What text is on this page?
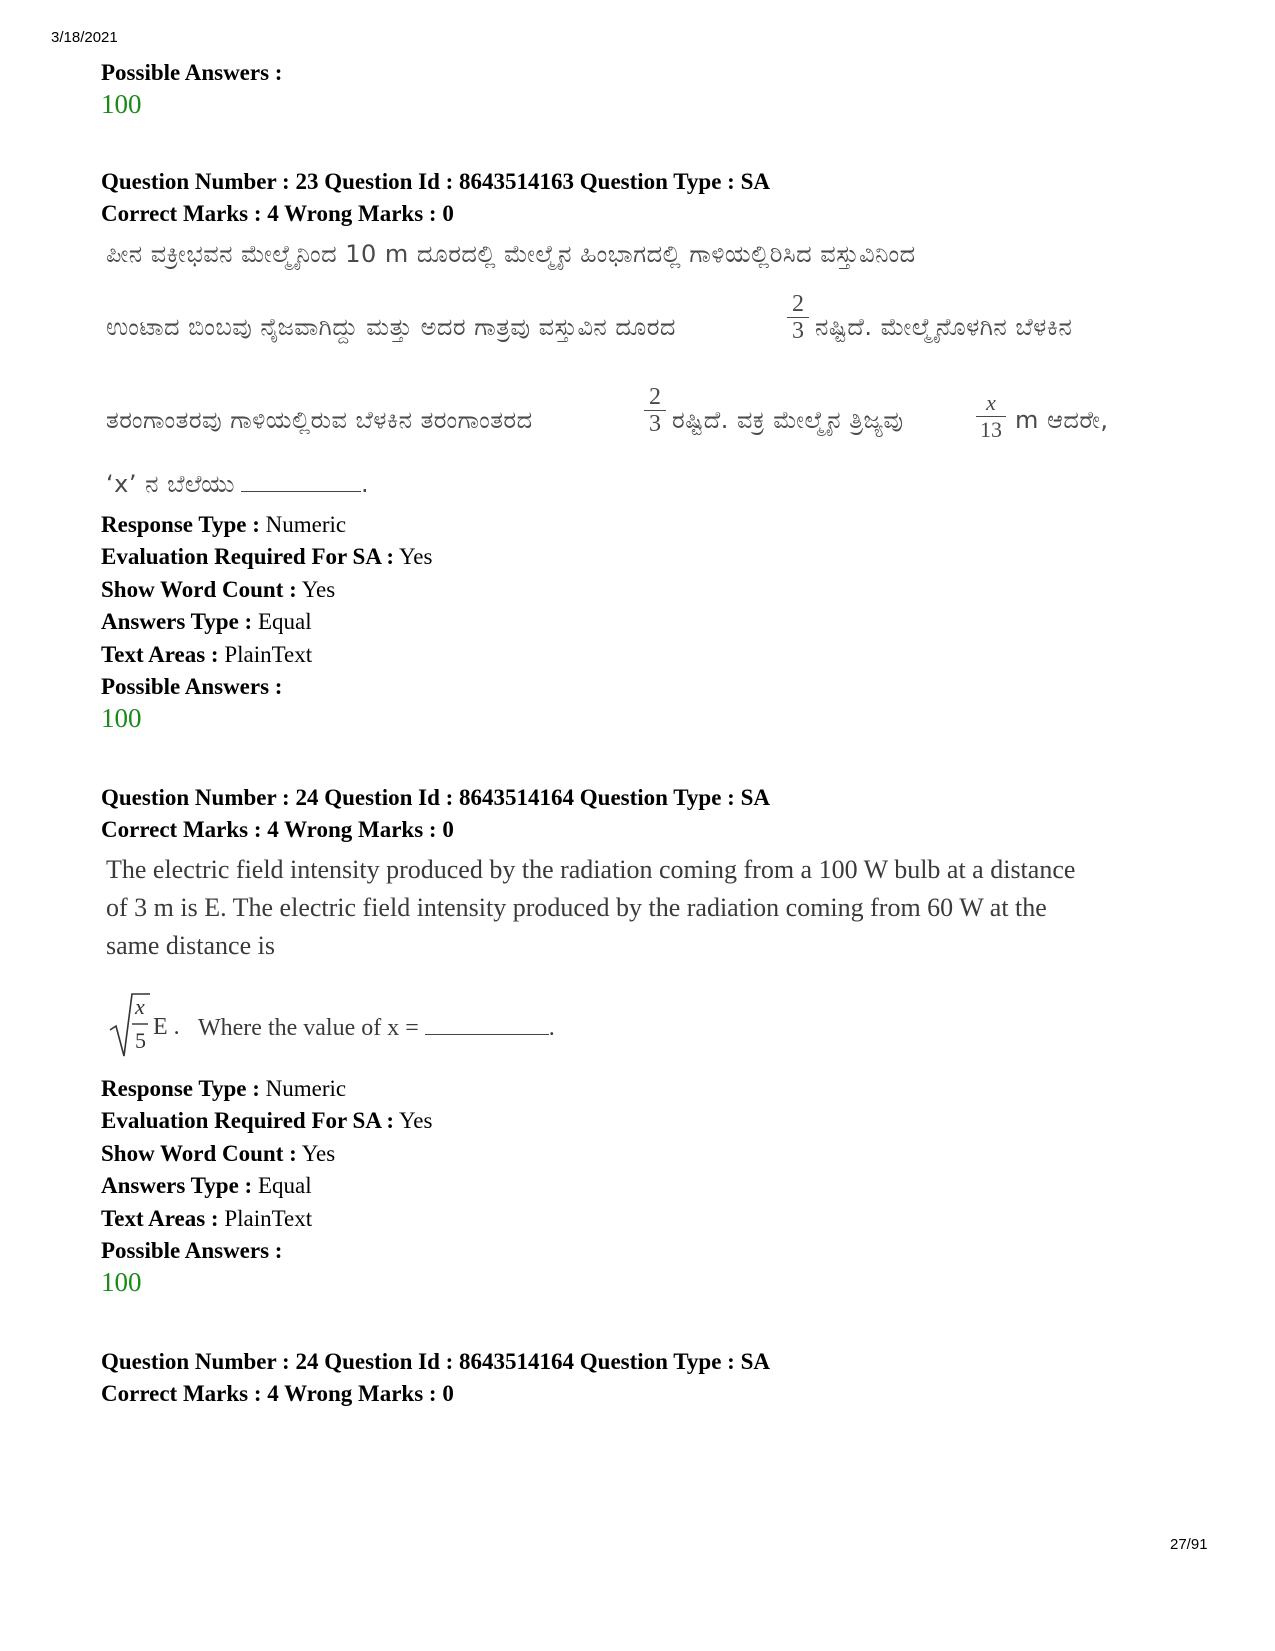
3/18/2021
Possible Answers :
100
Question Number : 23 Question Id : 8643514163 Question Type : SA
Correct Marks : 4 Wrong Marks : 0
ಪೀನ ವಕ್ರೀಭವನ ಮೇಲ್ಮೈನಿಂದ 10 m ದೂರದಲ್ಲಿ ಮೇಲ್ಮೈನ ಹಿಂಭಾಗದಲ್ಲಿ ಗಾಳಿಯಲ್ಲಿರಿಸಿದ ವಸ್ತುವಿನಿಂದ
ಉಂಟಾದ ಬಿಂಬವು ನೈಜವಾಗಿದ್ದು ಮತ್ತು ಅದರ ಗಾತ್ರವು ವಸ್ತುವಿನ ದೂರದ
2
3 ನಷ್ಟಿದೆ. ಮೇಲ್ಮೈನೊಳಗಿನ ಬೆಳಕಿನ
ತರಂಗಾಂತರವು ಗಾಳಿಯಲ್ಲಿರುವ ಬೆಳಕಿನ ತರಂಗಾಂತರದ
2
3 ರಷ್ಟಿದೆ. ವಕ್ರ ಮೇಲ್ಮೈನ ತ್ರಿಜ್ಯವು
x
13 m ಆದರೇ,
‘x’ ನ ಬೆಲೆಯು	.
Response Type : Numeric
Evaluation Required For SA : Yes
Show Word Count : Yes
Answers Type : Equal
Text Areas : PlainText
Possible Answers :
100
Question Number : 24 Question Id : 8643514164 Question Type : SA
Correct Marks : 4 Wrong Marks : 0
The electric field intensity produced by the radiation coming from a 100 W bulb at a distance
of 3 m is E. The electric field intensity produced by the radiation coming from 60 W at the
same distance is
x
5
E . Where the value of x =	.
Response Type : Numeric
Evaluation Required For SA : Yes
Show Word Count : Yes
Answers Type : Equal
Text Areas : PlainText
Possible Answers :
100
Question Number : 24 Question Id : 8643514164 Question Type : SA
Correct Marks : 4 Wrong Marks : 0
27/91
